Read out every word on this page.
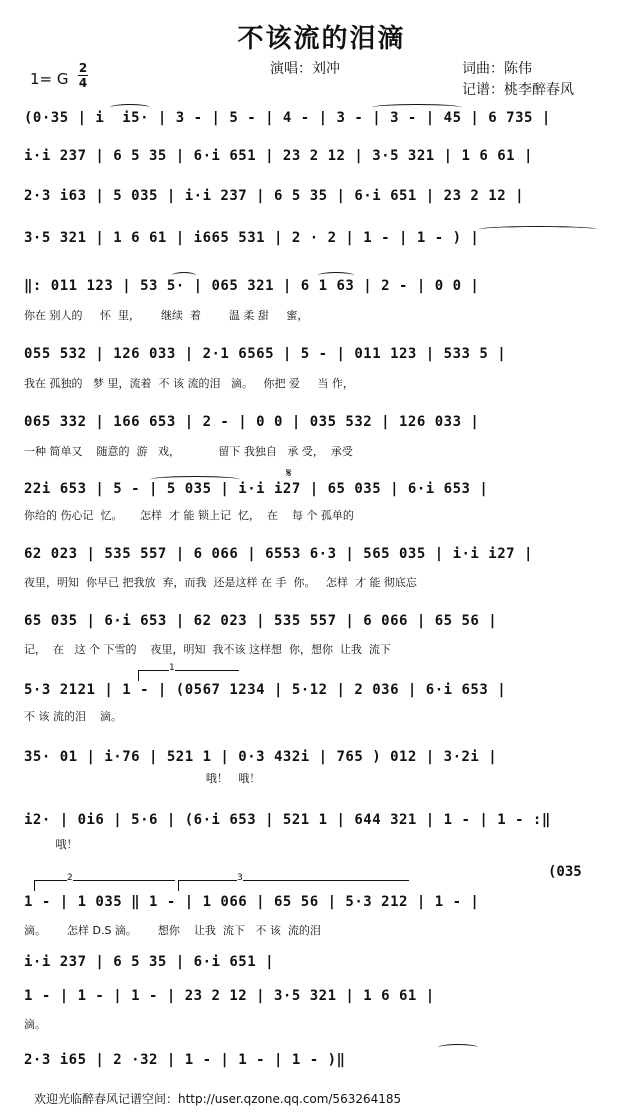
不该流的泪滴
演唱：刘冲	词曲：陈伟
记谱：桃李醉春风
1= G
2
4
(0·35 | i  i5· | 3 - | 5 - | 4 - | 3 - | 3 - | 45 | 6 735 |
i·i 237 | 6 5 35 | 6·i 651 | 23 2 12 | 3·5 321 | 1 6 61 |
2·3 i63 | 5 035 | i·i 237 | 6 5 35 | 6·i 651 | 23 2 12 |
3·5 321 | 1 6 61 | i665 531 | 2 · 2 | 1 - | 1 - ) |
‖: 011 123 | 53 5· | 065 321 | 6 1 63 | 2 - | 0 0 |
你在 别人的     怀  里，      继续  着        温 柔 甜     蜜，
055 532 | 126 033 | 2·1 6565 | 5 - | 011 123 | 533 5 |
我在 孤独的   梦 里，流着  不 该 流的泪   滴。   你把 爱     当 作，
065 332 | 166 653 | 2 - | 0 0 | 035 532 | 126 033 |
一种 简单又    随意的  游   戏，           留下 我独自   承 受，  承受
22i 653 | 5 - | 5 035 | i·i i27 | 65 035 | 6·i 653 |
你给的 伤心记  忆。     怎样  才 能 锁上记  忆，  在    每 个 孤单的
𝄋
62 023 | 535 557 | 6 066 | 6553 6·3 | 565 035 | i·i i27 |
夜里，明知  你早已 把我放  弃，而我  还是这样 在 手  你。   怎样  才 能 彻底忘
65 035 | 6·i 653 | 62 023 | 535 557 | 6 066 | 65 56 |
记，  在   这 个 下雪的    夜里，明知  我不该 这样想  你，想你  让我  流下
1
5·3 2121 | 1 - | (0567 1234 | 5·12 | 2 036 | 6·i 653 |
不 该 流的泪    滴。
35· 01 | i·76 | 521 1 | 0·3 432i | 765 ) 012 | 3·2i |
哦！   哦！
i2· | 0i6 | 5·6 | (6·i 653 | 521 1 | 644 321 | 1 - | 1 - :‖
哦！
(035
2	3
1 - | 1 035 ‖ 1 - | 1 066 | 65 56 | 5·3 212 | 1 - |
滴。      怎样 D.S 滴。      想你    让我  流下   不 该  流的泪
i·i 237 | 6 5 35 | 6·i 651 |
1 - | 1 - | 1 - | 23 2 12 | 3·5 321 | 1 6 61 |
滴。
2·3 i65 | 2 ·32 | 1 - | 1 - | 1 - )‖
欢迎光临醉春风记谱空间：http://user.qzone.qq.com/563264185
